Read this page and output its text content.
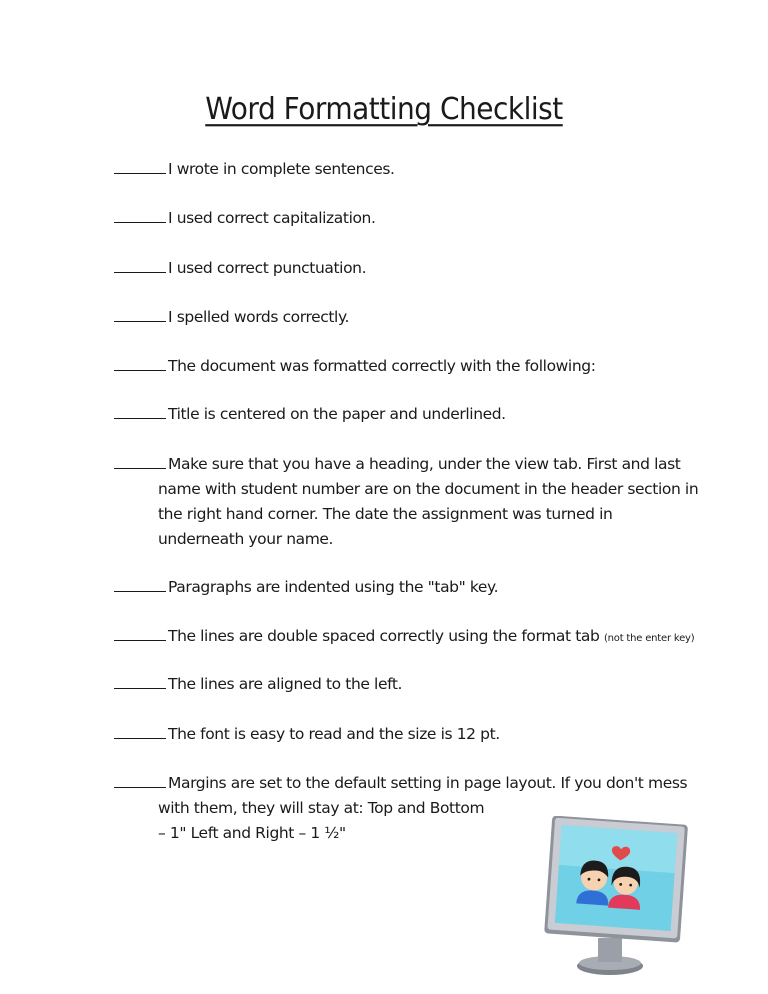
Word Formatting Checklist
I wrote in complete sentences.
I used correct capitalization.
I used correct punctuation.
I spelled words correctly.
The document was formatted correctly with the following:
Title is centered on the paper and underlined.
Make sure that you have a heading, under the view tab. First and last
name with student number are on the document in the header section in
the right hand corner. The date the assignment was turned in
underneath your name.
Paragraphs are indented using the "tab" key.
The lines are double spaced correctly using the format tab (not the enter key)
The lines are aligned to the left.
The font is easy to read and the size is 12 pt.
Margins are set to the default setting in page layout. If you don't mess
with them, they will stay at: Top and Bottom
– 1" Left and Right – 1 ½"
